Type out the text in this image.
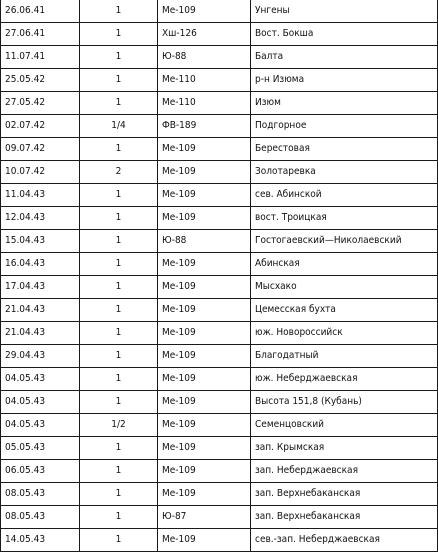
26.06.41	1	Ме-109	Унгены
27.06.41	1	Хш-126	Вост. Бокша
11.07.41	1	Ю-88	Балта
25.05.42	1	Ме-110	р-н Изюма
27.05.42	1	Ме-110	Изюм
02.07.42	1/4	ФВ-189	Подгорное
09.07.42	1	Ме-109	Берестовая
10.07.42	2	Ме-109	Золотаревка
11.04.43	1	Ме-109	сев. Абинской
12.04.43	1	Ме-109	вост. Троицкая
15.04.43	1	Ю-88	Гостогаевский—Николаевский
16.04.43	1	Ме-109	Абинская
17.04.43	1	Ме-109	Мысхако
21.04.43	1	Ме-109	Цемесская бухта
21.04.43	1	Ме-109	юж. Новороссийск
29.04.43	1	Ме-109	Благодатный
04.05.43	1	Ме-109	юж. Неберджаевская
04.05.43	1	Ме-109	Высота 151,8 (Кубань)
04.05.43	1/2	Ме-109	Семенцовский
05.05.43	1	Ме-109	зап. Крымская
06.05.43	1	Ме-109	зап. Неберджаевская
08.05.43	1	Ме-109	зап. Верхнебаканская
08.05.43	1	Ю-87	зап. Верхнебаканская
14.05.43	1	Ме-109	сев.-зап. Неберджаевская
